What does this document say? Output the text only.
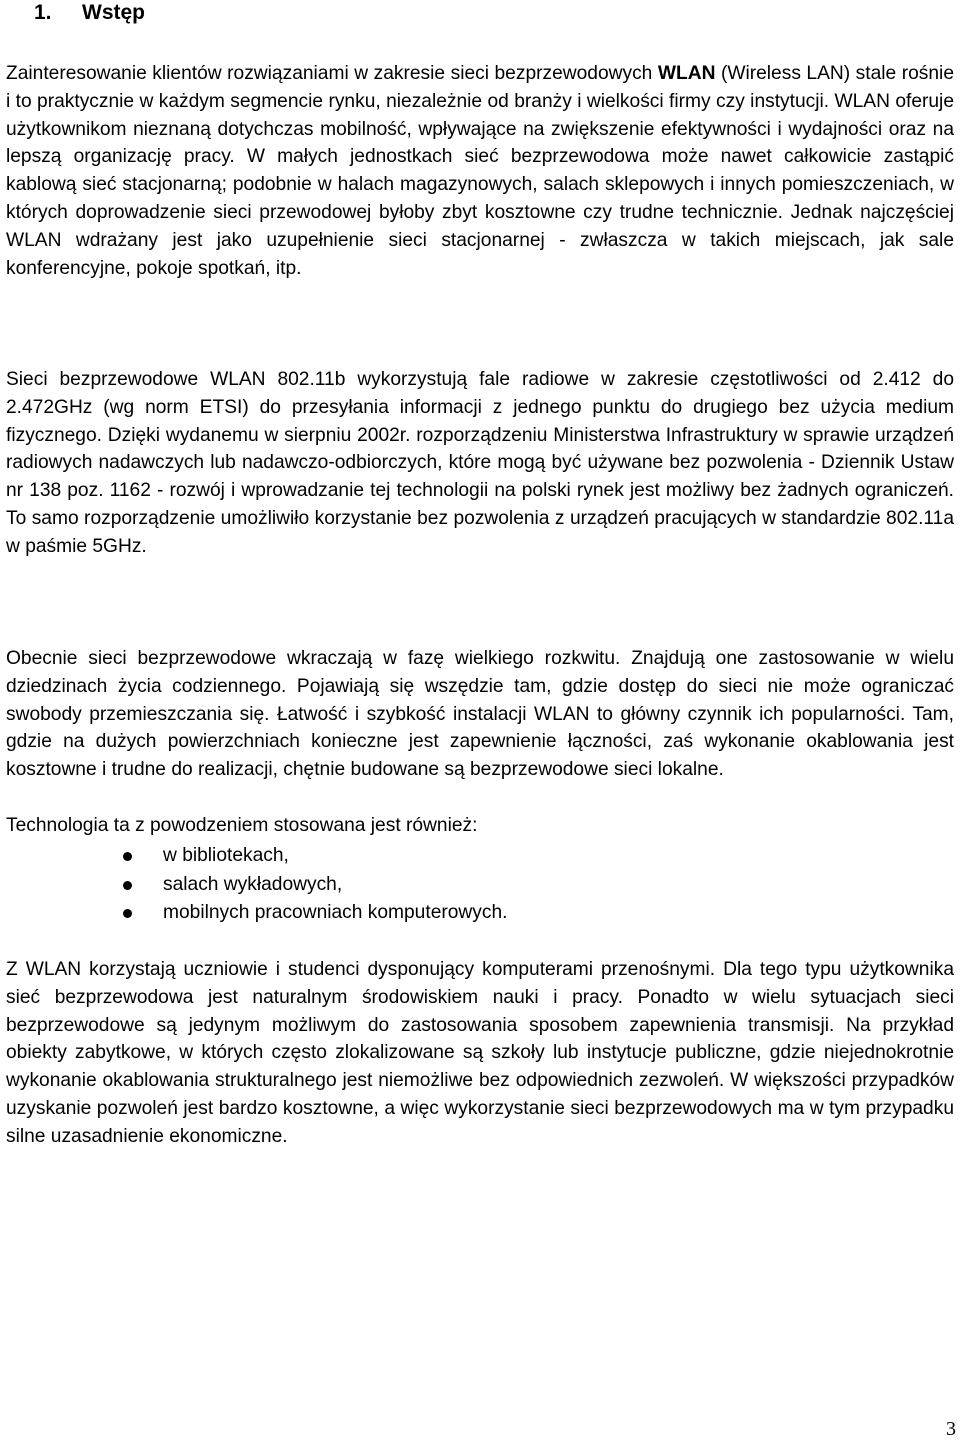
1. Wstęp
Zainteresowanie klientów rozwiązaniami w zakresie sieci bezprzewodowych WLAN (Wireless LAN) stale rośnie i to praktycznie w każdym segmencie rynku, niezależnie od branży i wielkości firmy czy instytucji. WLAN oferuje użytkownikom nieznaną dotychczas mobilność, wpływające na zwiększenie efektywności i wydajności oraz na lepszą organizację pracy. W małych jednostkach sieć bezprzewodowa może nawet całkowicie zastąpić kablową sieć stacjonarną; podobnie w halach magazynowych, salach sklepowych i innych pomieszczeniach, w których doprowadzenie sieci przewodowej byłoby zbyt kosztowne czy trudne technicznie. Jednak najczęściej WLAN wdrażany jest jako uzupełnienie sieci stacjonarnej - zwłaszcza w takich miejscach, jak sale konferencyjne, pokoje spotkań, itp.
Sieci bezprzewodowe WLAN 802.11b wykorzystują fale radiowe w zakresie częstotliwości od 2.412 do 2.472GHz (wg norm ETSI) do przesyłania informacji z jednego punktu do drugiego bez użycia medium fizycznego. Dzięki wydanemu w sierpniu 2002r. rozporządzeniu Ministerstwa Infrastruktury w sprawie urządzeń radiowych nadawczych lub nadawczo-odbiorczych, które mogą być używane bez pozwolenia - Dziennik Ustaw nr 138 poz. 1162 - rozwój i wprowadzanie tej technologii na polski rynek jest możliwy bez żadnych ograniczeń. To samo rozporządzenie umożliwiło korzystanie bez pozwolenia z urządzeń pracujących w standardzie 802.11a w paśmie 5GHz.
Obecnie sieci bezprzewodowe wkraczają w fazę wielkiego rozkwitu. Znajdują one zastosowanie w wielu dziedzinach życia codziennego. Pojawiają się wszędzie tam, gdzie dostęp do sieci nie może ograniczać swobody przemieszczania się. Łatwość i szybkość instalacji WLAN to główny czynnik ich popularności. Tam, gdzie na dużych powierzchniach konieczne jest zapewnienie łączności, zaś wykonanie okablowania jest kosztowne i trudne do realizacji, chętnie budowane są bezprzewodowe sieci lokalne.
Technologia ta z powodzeniem stosowana jest również:
w bibliotekach,
salach wykładowych,
mobilnych pracowniach komputerowych.
Z WLAN korzystają uczniowie i studenci dysponujący komputerami przenośnymi. Dla tego typu użytkownika sieć bezprzewodowa jest naturalnym środowiskiem nauki i pracy. Ponadto w wielu sytuacjach sieci bezprzewodowe są jedynym możliwym do zastosowania sposobem zapewnienia transmisji. Na przykład obiekty zabytkowe, w których często zlokalizowane są szkoły lub instytucje publiczne, gdzie niejednokrotnie wykonanie okablowania strukturalnego jest niemożliwe bez odpowiednich zezwoleń. W większości przypadków uzyskanie pozwoleń jest bardzo kosztowne, a więc wykorzystanie sieci bezprzewodowych ma w tym przypadku silne uzasadnienie ekonomiczne.
3
